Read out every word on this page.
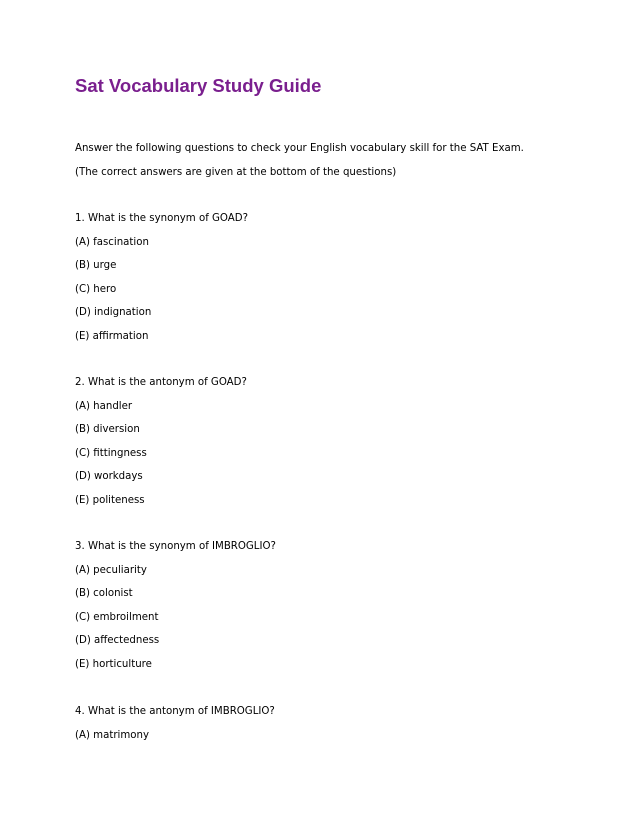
Sat Vocabulary Study Guide
Answer the following questions to check your English vocabulary skill for the SAT Exam.
(The correct answers are given at the bottom of the questions)
1. What is the synonym of GOAD?
(A) fascination
(B) urge
(C) hero
(D) indignation
(E) affirmation
2. What is the antonym of GOAD?
(A) handler
(B) diversion
(C) fittingness
(D) workdays
(E) politeness
3. What is the synonym of IMBROGLIO?
(A) peculiarity
(B) colonist
(C) embroilment
(D) affectedness
(E) horticulture
4. What is the antonym of IMBROGLIO?
(A) matrimony
